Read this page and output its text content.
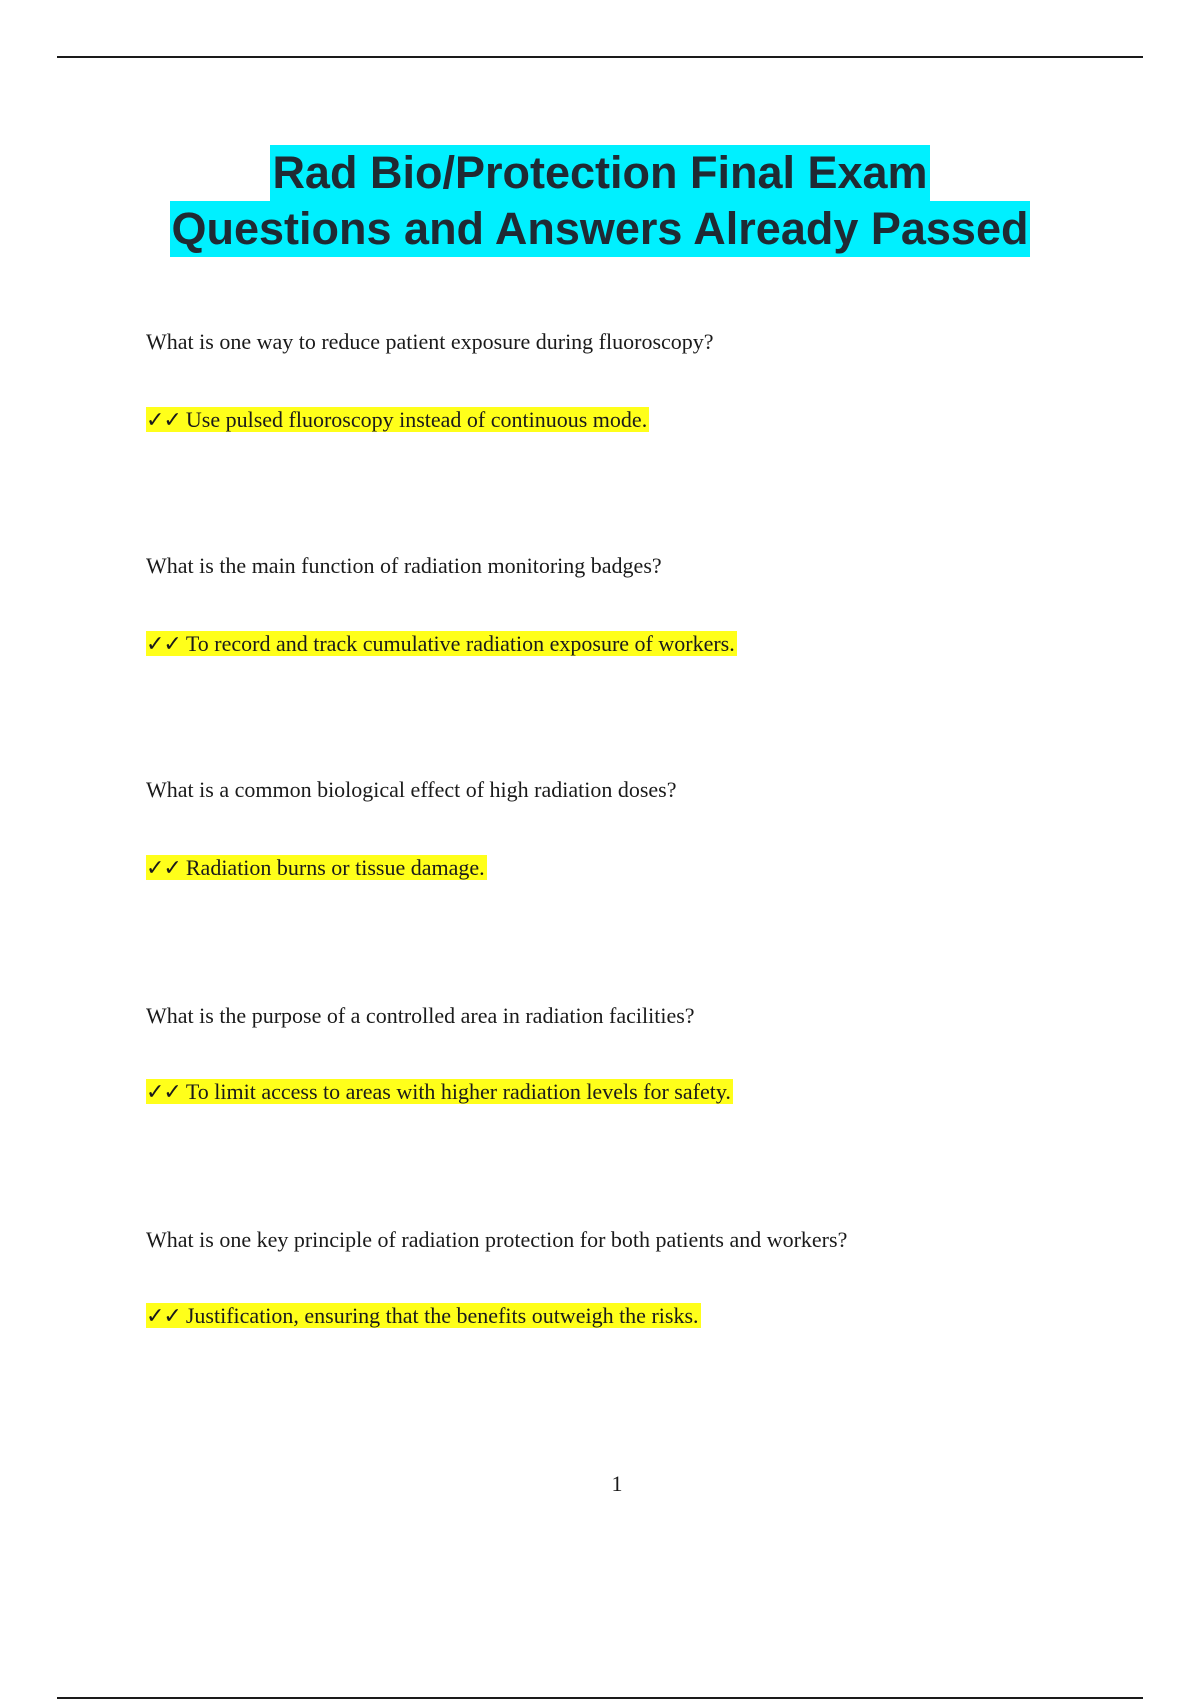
Rad Bio/Protection Final Exam
Questions and Answers Already Passed

What is one way to reduce patient exposure during fluoroscopy?

✓✓ Use pulsed fluoroscopy instead of continuous mode.

What is the main function of radiation monitoring badges?

✓✓ To record and track cumulative radiation exposure of workers.

What is a common biological effect of high radiation doses?

✓✓ Radiation burns or tissue damage.

What is the purpose of a controlled area in radiation facilities?

✓✓ To limit access to areas with higher radiation levels for safety.

What is one key principle of radiation protection for both patients and workers?

✓✓ Justification, ensuring that the benefits outweigh the risks.

1
